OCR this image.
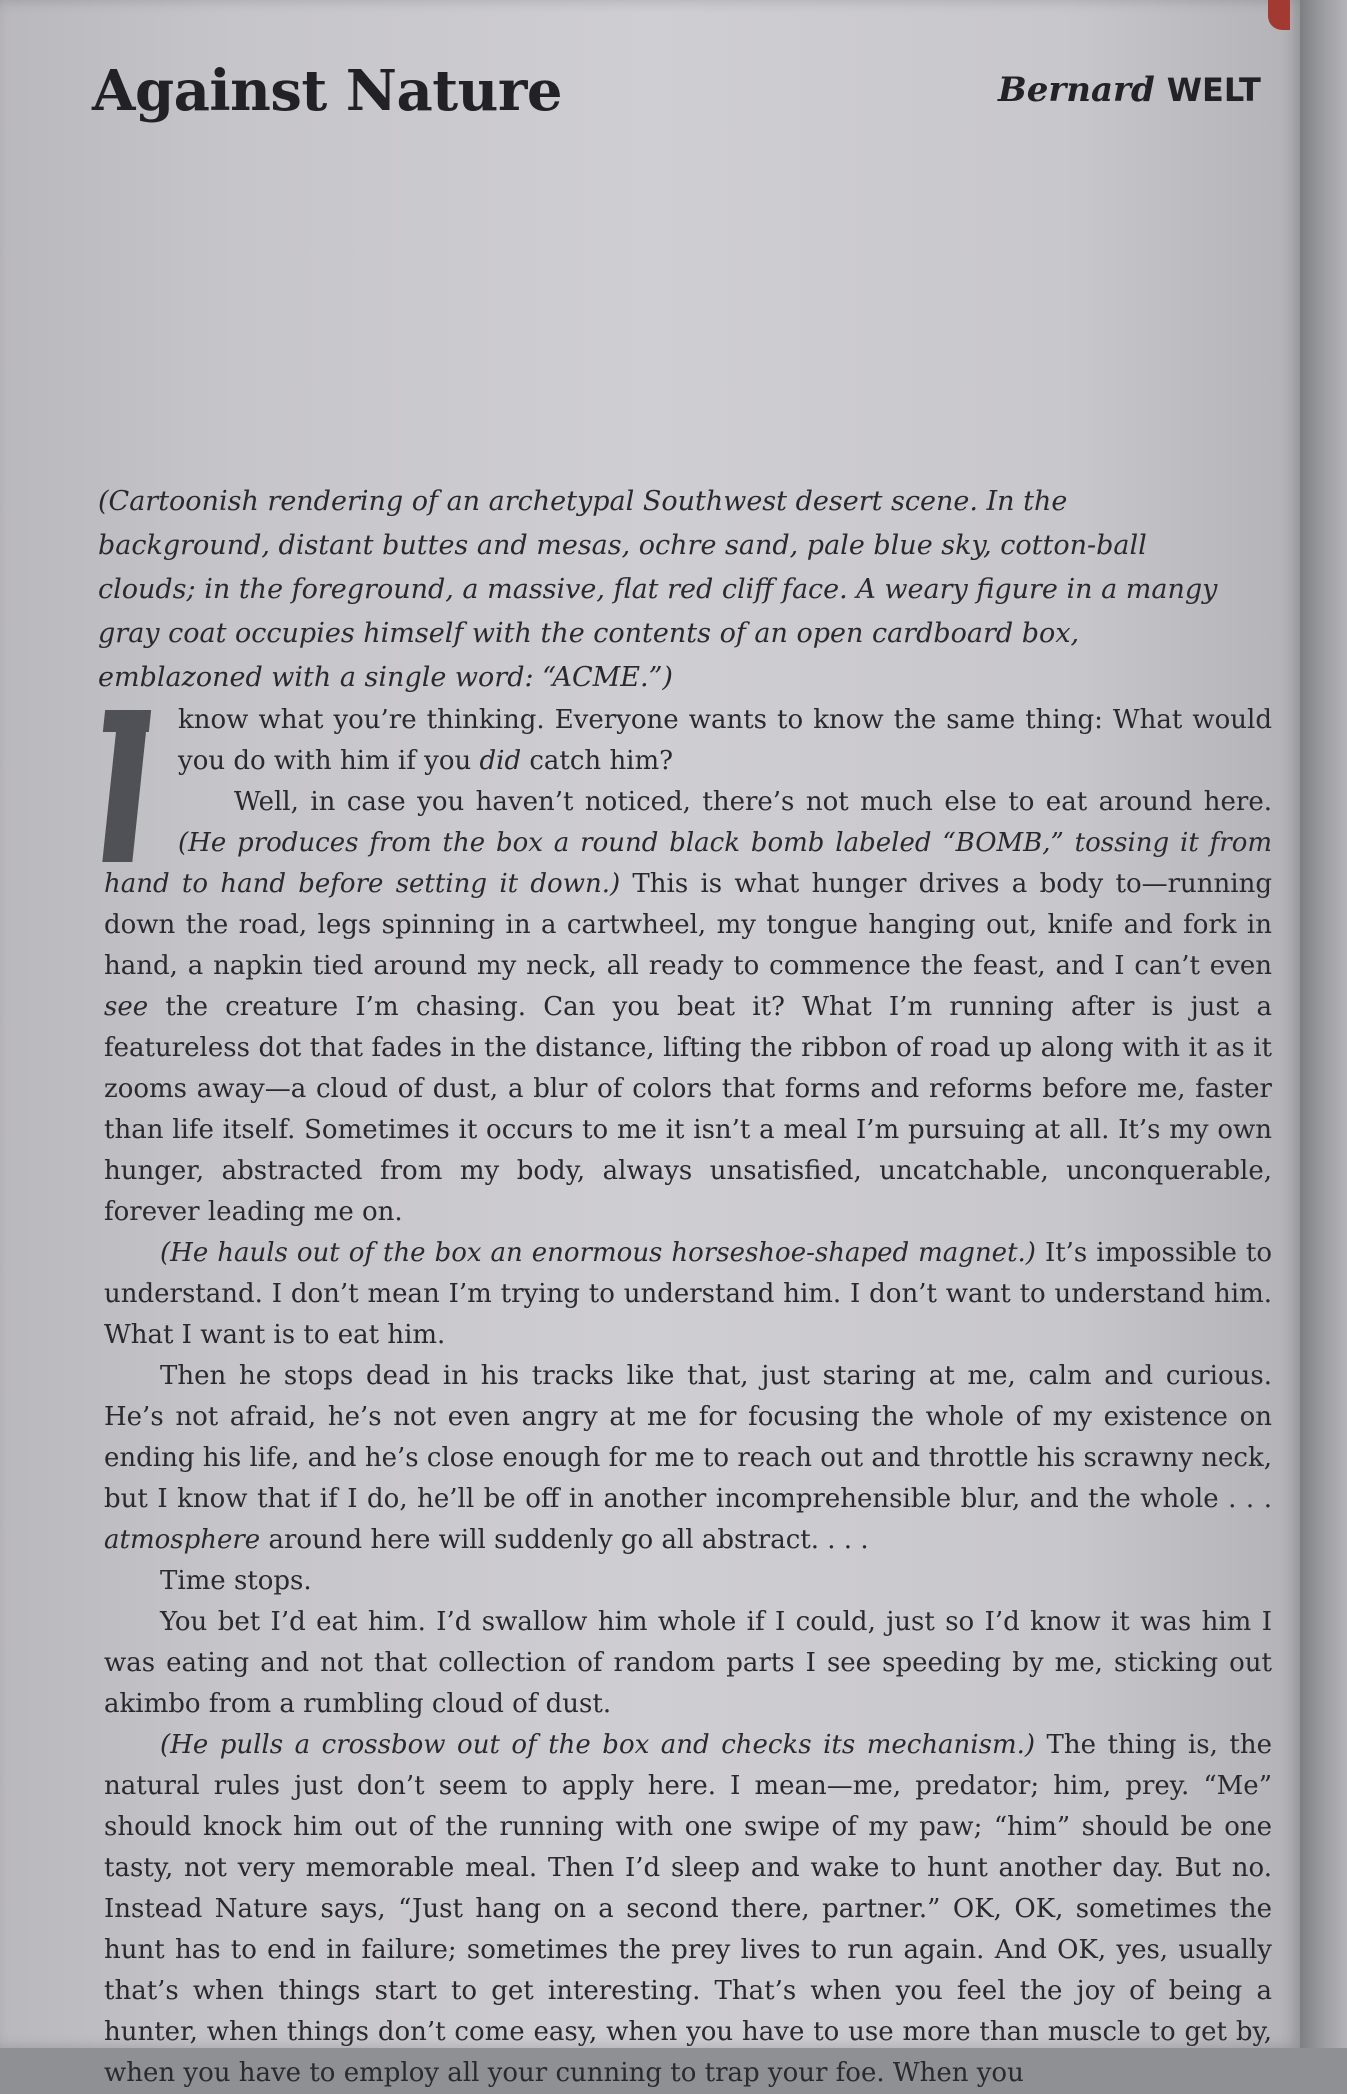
Against Nature	Bernard WELT

(Cartoonish rendering of an archetypal Southwest desert scene. In the background, distant buttes and mesas, ochre sand, pale blue sky, cotton-ball clouds; in the foreground, a massive, flat red cliff face. A weary figure in a mangy gray coat occupies himself with the contents of an open cardboard box, emblazoned with a single word: “ACME.”)

know what you’re thinking. Everyone wants to know the same thing: What would you do with him if you did catch him?

Well, in case you haven’t noticed, there’s not much else to eat around here. (He produces from the box a round black bomb labeled “BOMB,” tossing it from hand to hand before setting it down.) This is what hunger drives a body to—running down the road, legs spinning in a cartwheel, my tongue hanging out, knife and fork in hand, a napkin tied around my neck, all ready to commence the feast, and I can’t even see the creature I’m chasing. Can you beat it? What I’m running after is just a featureless dot that fades in the distance, lifting the ribbon of road up along with it as it zooms away—a cloud of dust, a blur of colors that forms and reforms before me, faster than life itself. Sometimes it occurs to me it isn’t a meal I’m pursuing at all. It’s my own hunger, abstracted from my body, always unsatisfied, uncatchable, unconquerable, forever leading me on.

(He hauls out of the box an enormous horseshoe-shaped magnet.) It’s impossible to understand. I don’t mean I’m trying to understand him. I don’t want to understand him. What I want is to eat him.

Then he stops dead in his tracks like that, just staring at me, calm and curious. He’s not afraid, he’s not even angry at me for focusing the whole of my existence on ending his life, and he’s close enough for me to reach out and throttle his scrawny neck, but I know that if I do, he’ll be off in another incomprehensible blur, and the whole . . . atmosphere around here will suddenly go all abstract. . . .

Time stops.

You bet I’d eat him. I’d swallow him whole if I could, just so I’d know it was him I was eating and not that collection of random parts I see speeding by me, sticking out akimbo from a rumbling cloud of dust.

(He pulls a crossbow out of the box and checks its mechanism.) The thing is, the natural rules just don’t seem to apply here. I mean—me, predator; him, prey. “Me” should knock him out of the running with one swipe of my paw; “him” should be one tasty, not very memorable meal. Then I’d sleep and wake to hunt another day. But no. Instead Nature says, “Just hang on a second there, partner.” OK, OK, sometimes the hunt has to end in failure; sometimes the prey lives to run again. And OK, yes, usually that’s when things start to get interesting. That’s when you feel the joy of being a hunter, when things don’t come easy, when you have to use more than muscle to get by, when you have to employ all your cunning to trap your foe. When you
